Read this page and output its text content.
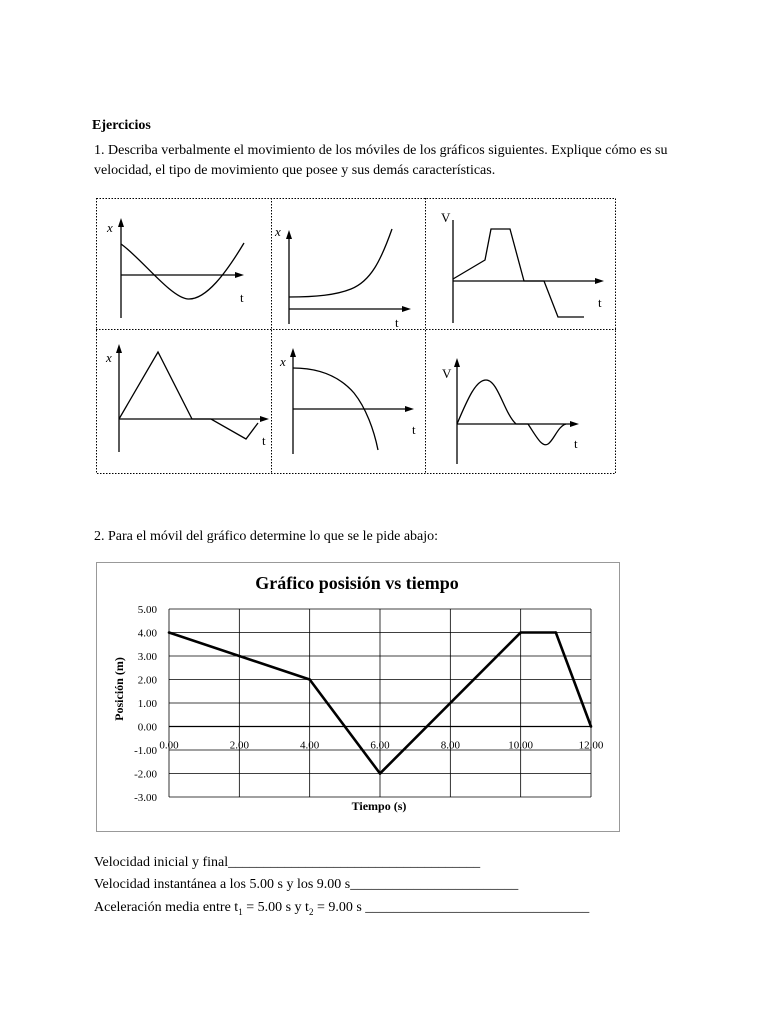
Ejercicios
1. Describa verbalmente el movimiento de los móviles de los gráficos siguientes. Explique cómo es su velocidad, el tipo de movimiento que posee y sus demás características.
x
t
x
t
V
t
x
t
x
t
V
t
2. Para el móvil del gráfico determine lo que se le pide abajo:
Gráfico posisión vs tiempo
Tiempo (s)
Posición (m)
5.00
4.00
3.00
2.00
1.00
0.00
-1.00
-2.00
-3.00
0.00	2.00	4.00	6.00	8.00	10.00	12.00
Velocidad inicial y final____________________________________
Velocidad instantánea a los 5.00 s y los 9.00 s________________________
Aceleración media entre $t_1 = 5.00$ s y $t_2 = 9.00$ s ________________________________
